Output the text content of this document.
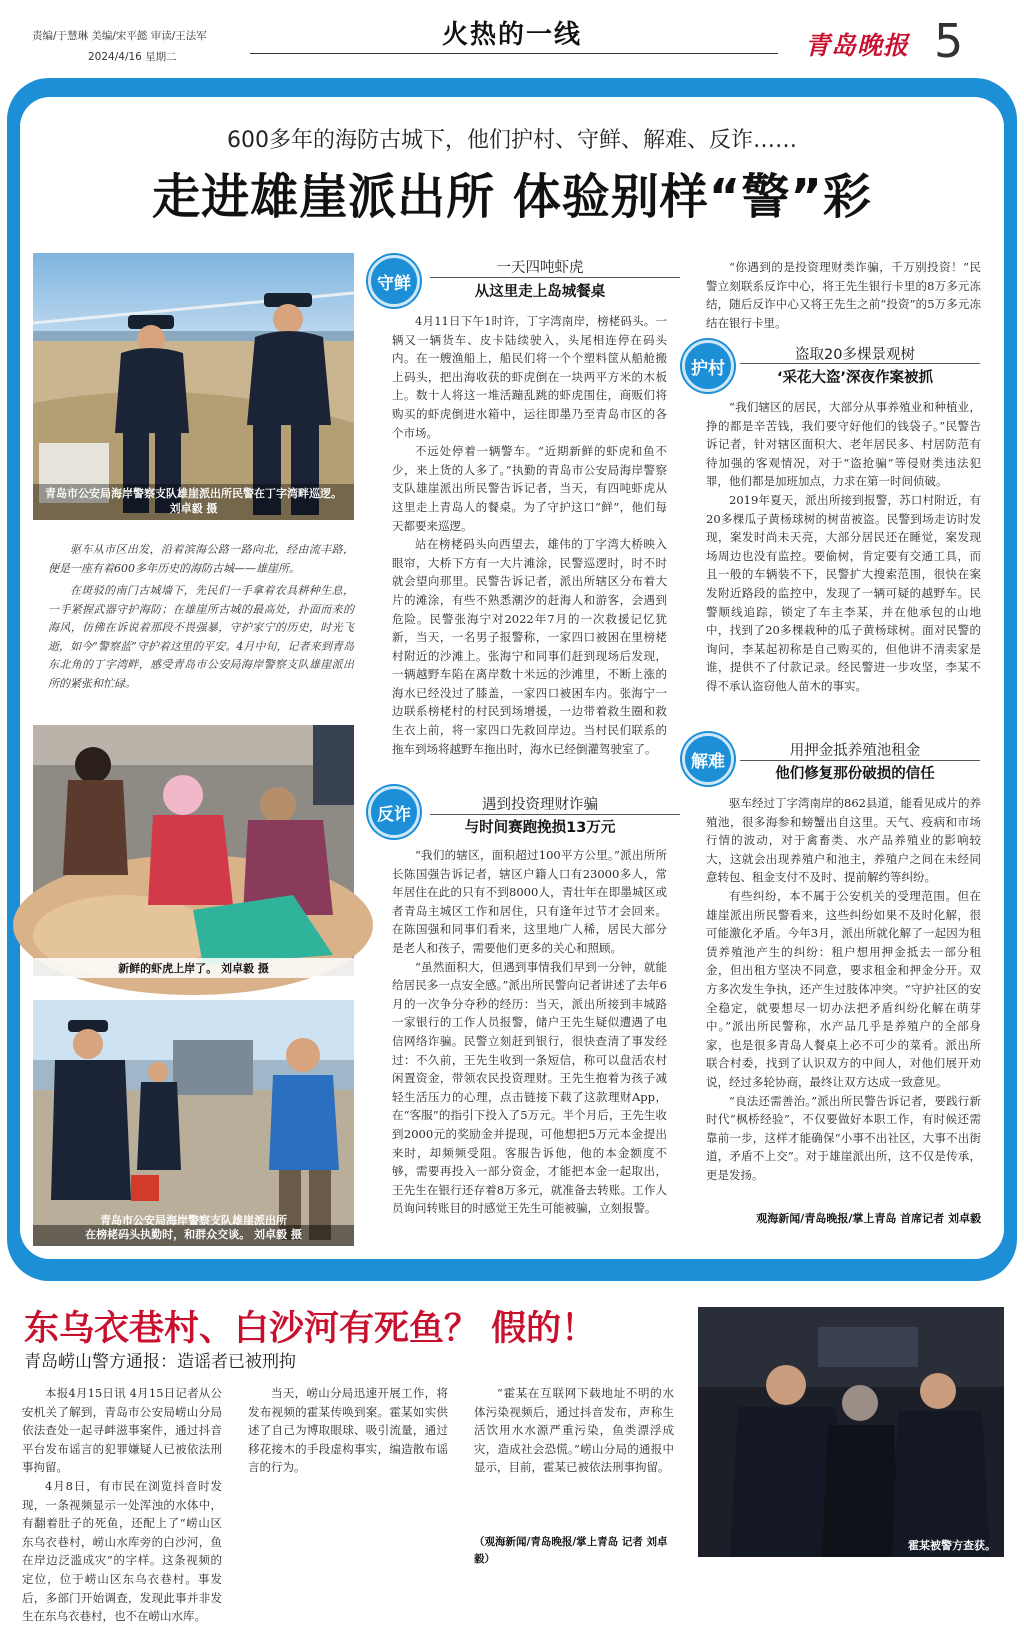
责编/于慧琳 美编/宋平懿 审读/王法军
2024/4/16 星期二
火热的一线	青岛晚报 5
600多年的海防古城下，他们护村、守鲜、解难、反诈……
走进雄崖派出所 体验别样“警”彩
青岛市公安局海岸警察支队雄崖派出所民警在丁字湾畔巡逻。 刘卓毅 摄

驱车从市区出发，沿着滨海公路一路向北，经由流丰路，便是一座有着600多年历史的海防古城——雄崖所。

在斑驳的南门古城墙下，先民们一手拿着农具耕种生息，一手紧握武器守护海防；在雄崖所古城的最高处，扑面而来的海风，仿佛在诉说着那段不畏强暴，守护家宁的历史，时光飞逝，如今“警察蓝”守护着这里的平安。4月中旬，记者来到青岛东北角的丁字湾畔，感受青岛市公安局海岸警察支队雄崖派出所的紧张和忙碌。

新鲜的虾虎上岸了。 刘卓毅 摄
青岛市公安局海岸警察支队雄崖派出所
在榜栳码头执勤时，和群众交谈。 刘卓毅 摄
守鲜
一天四吨虾虎
从这里走上岛城餐桌

4月11日下午1时许，丁字湾南岸，榜栳码头。一辆又一辆货车、皮卡陆续驶入，头尾相连停在码头内。在一艘渔船上，船民们将一个个塑料筐从船舱搬上码头，把出海收获的虾虎倒在一块两平方米的木板上。数十人将这一堆活蹦乱跳的虾虎围住，商贩们将购买的虾虎倒进水箱中，运往即墨乃至青岛市区的各个市场。

不远处停着一辆警车。“近期新鲜的虾虎和鱼不少，来上货的人多了。”执勤的青岛市公安局海岸警察支队雄崖派出所民警告诉记者，当天，有四吨虾虎从这里走上青岛人的餐桌。为了守护这口“鲜”，他们每天都要来巡逻。

站在榜栳码头向西望去，雄伟的丁字湾大桥映入眼帘，大桥下方有一大片滩涂，民警巡逻时，时不时就会望向那里。民警告诉记者，派出所辖区分布着大片的滩涂，有些不熟悉潮汐的赶海人和游客，会遇到危险。民警张海宁对2022年7月的一次救援记忆犹新，当天，一名男子报警称，一家四口被困在里榜栳村附近的沙滩上。张海宁和同事们赶到现场后发现，一辆越野车陷在离岸数十米远的沙滩里，不断上涨的海水已经没过了膝盖，一家四口被困车内。张海宁一边联系榜栳村的村民到场增援，一边带着救生圈和救生衣上前，将一家四口先救回岸边。当村民们联系的拖车到场将越野车拖出时，海水已经倒灌驾驶室了。

反诈	遇到投资理财诈骗
与时间赛跑挽损13万元

“我们的辖区，面积超过100平方公里。”派出所所长陈国强告诉记者，辖区户籍人口有23000多人，常年居住在此的只有不到8000人，青壮年在即墨城区或者青岛主城区工作和居住，只有逢年过节才会回来。在陈国强和同事们看来，这里地广人稀，居民大部分是老人和孩子，需要他们更多的关心和照顾。

“虽然面积大，但遇到事情我们早到一分钟，就能给居民多一点安全感。”派出所民警向记者讲述了去年6月的一次争分夺秒的经历：当天，派出所接到丰城路一家银行的工作人员报警，储户王先生疑似遭遇了电信网络诈骗。民警立刻赶到银行，很快查清了事发经过：不久前，王先生收到一条短信，称可以盘活农村闲置资金，带领农民投资理财。王先生抱着为孩子减轻生活压力的心理，点击链接下载了这款理财App，在“客服”的指引下投入了5万元。半个月后，王先生收到2000元的奖励金并提现，可他想把5万元本金提出来时，却频频受阻。客服告诉他，他的本金额度不够，需要再投入一部分资金，才能把本金一起取出，王先生在银行还存着8万多元，就准备去转账。工作人员询问转账目的时感觉王先生可能被骗，立刻报警。

“你遇到的是投资理财类诈骗，千万别投资！”民警立刻联系反诈中心，将王先生银行卡里的8万多元冻结，随后反诈中心又将王先生之前“投资”的5万多元冻结在银行卡里。

护村
盗取20多棵景观树
‘采花大盗’深夜作案被抓

“我们辖区的居民，大部分从事养殖业和种植业，挣的都是辛苦钱，我们要守好他们的钱袋子。”民警告诉记者，针对辖区面积大、老年居民多、村居防范有待加强的客观情况，对于“盗抢骗”等侵财类违法犯罪，他们都是加班加点，力求在第一时间侦破。

2019年夏天，派出所接到报警，苏口村附近，有20多棵瓜子黄杨球树的树苗被盗。民警到场走访时发现，案发时尚未天亮，大部分居民还在睡觉，案发现场周边也没有监控。要偷树，肯定要有交通工具，而且一般的车辆装不下，民警扩大搜索范围，很快在案发附近路段的监控中，发现了一辆可疑的越野车。民警顺线追踪，锁定了车主李某，并在他承包的山地中，找到了20多棵栽种的瓜子黄杨球树。面对民警的询问，李某起初称是自己购买的，但他讲不清卖家是谁，提供不了付款记录。经民警进一步攻坚，李某不得不承认盗窃他人苗木的事实。

解难
用押金抵养殖池租金
他们修复那份破损的信任

驱车经过丁字湾南岸的862县道，能看见成片的养殖池，很多海参和螃蟹出自这里。天气、疫病和市场行情的波动，对于禽畜类、水产品养殖业的影响较大，这就会出现养殖户和池主，养殖户之间在未经同意转包、租金支付不及时、提前解约等纠纷。

有些纠纷，本不属于公安机关的受理范围。但在雄崖派出所民警看来，这些纠纷如果不及时化解，很可能激化矛盾。今年3月，派出所就化解了一起因为租赁养殖池产生的纠纷：租户想用押金抵去一部分租金，但出租方坚决不同意，要求租金和押金分开。双方多次发生争执，还产生过肢体冲突。“守护社区的安全稳定，就要想尽一切办法把矛盾纠纷化解在萌芽中。”派出所民警称，水产品几乎是养殖户的全部身家，也是很多青岛人餐桌上必不可少的菜肴。派出所联合村委，找到了认识双方的中间人，对他们展开劝说，经过多轮协商，最终让双方达成一致意见。

“良法还需善治。”派出所民警告诉记者，要践行新时代“枫桥经验”，不仅要做好本职工作，有时候还需靠前一步，这样才能确保“小事不出社区，大事不出街道，矛盾不上交”。对于雄崖派出所，这不仅是传承，更是发扬。

观海新闻/青岛晚报/掌上青岛 首席记者 刘卓毅
东乌衣巷村、白沙河有死鱼？ 假的！
青岛崂山警方通报：造谣者已被刑拘

本报4月15日讯 4月15日记者从公安机关了解到，青岛市公安局崂山分局依法查处一起寻衅滋事案件，通过抖音平台发布谣言的犯罪嫌疑人已被依法刑事拘留。

4月8日，有市民在浏览抖音时发现，一条视频显示一处浑浊的水体中，有翻着肚子的死鱼，还配上了“崂山区东乌衣巷村，崂山水库旁的白沙河，鱼在岸边泛滥成灾”的字样。这条视频的定位，位于崂山区东乌衣巷村。事发后，多部门开始调查，发现此事并非发生在东乌衣巷村，也不在崂山水库。

当天，崂山分局迅速开展工作，将发布视频的霍某传唤到案。霍某如实供述了自己为博取眼球、吸引流量，通过移花接木的手段虚构事实，编造散布谣言的行为。

“霍某在互联网下载地址不明的水体污染视频后，通过抖音发布，声称生活饮用水水源严重污染，鱼类漂浮成灾，造成社会恐慌。”崂山分局的通报中显示，目前，霍某已被依法刑事拘留。

（观海新闻/青岛晚报/掌上青岛 记者 刘卓毅）
霍某被警方查获。
